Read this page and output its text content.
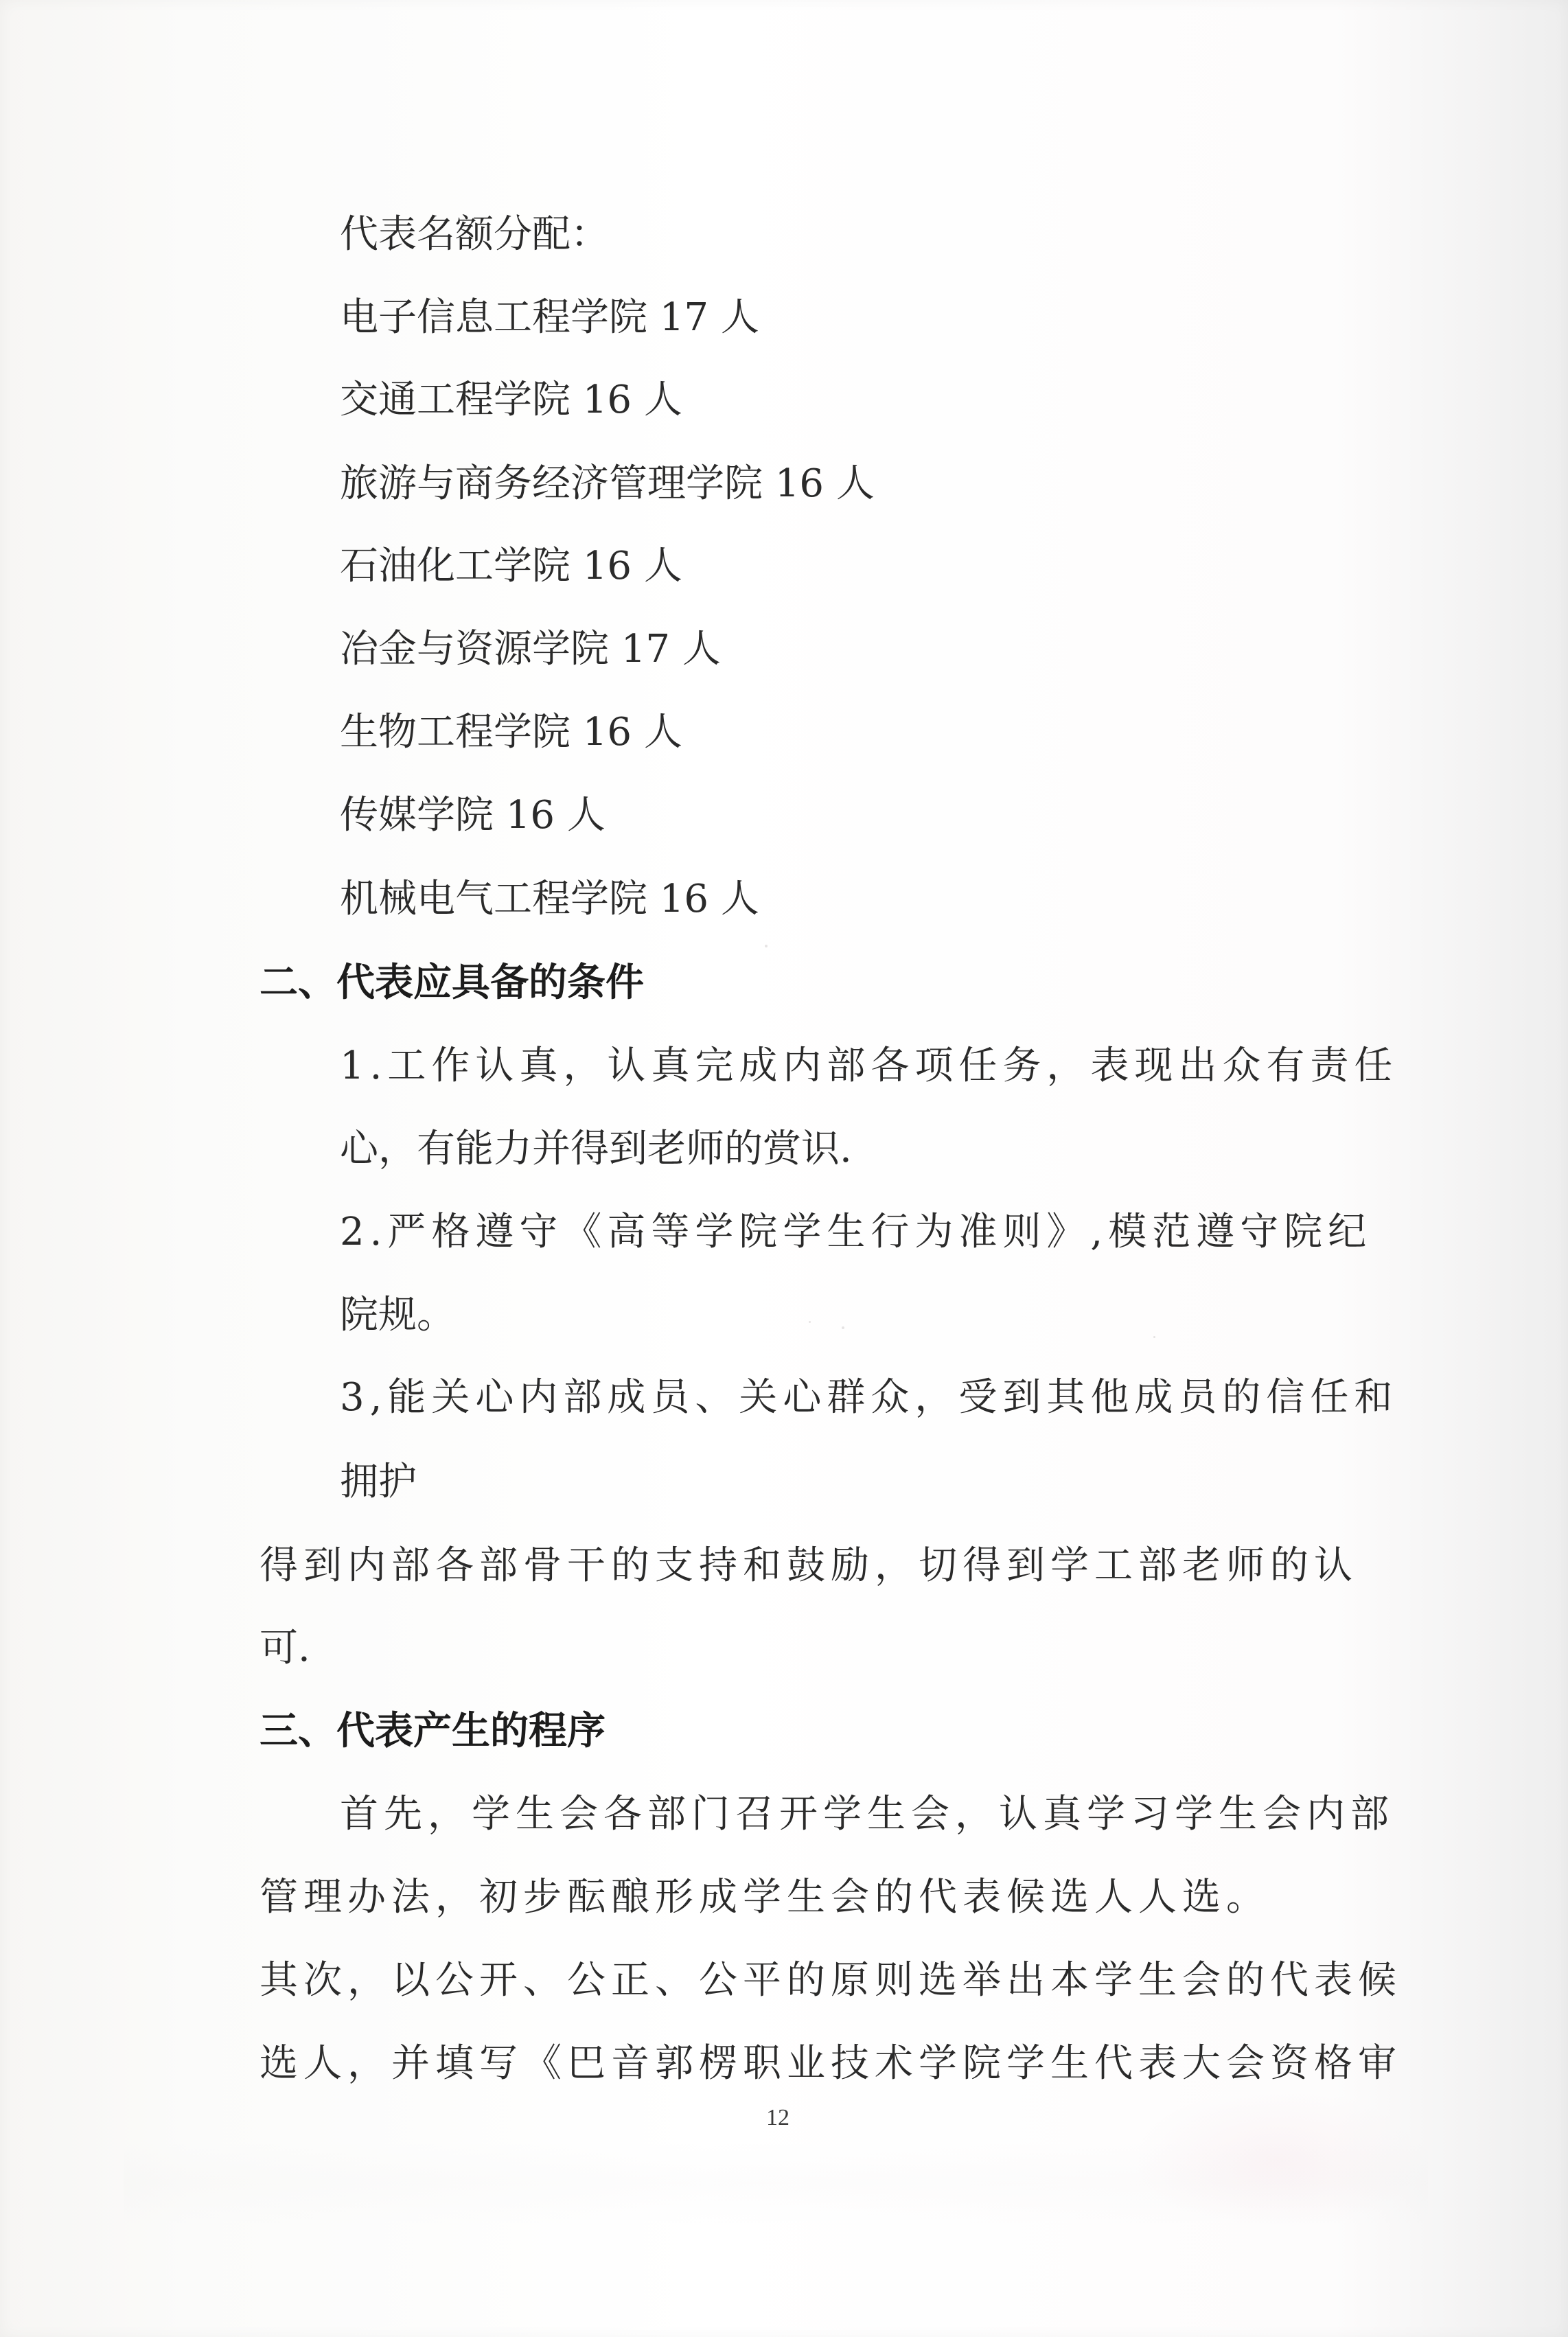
代表名额分配：
电子信息工程学院 17 人
交通工程学院 16 人
旅游与商务经济管理学院 16 人
石油化工学院 16 人
冶金与资源学院 17 人
生物工程学院 16 人
传媒学院 16 人
机械电气工程学院 16 人
二、代表应具备的条件
1.工作认真，认真完成内部各项任务，表现出众有责任
心，有能力并得到老师的赏识.
2.严格遵守《高等学院学生行为准则》,模范遵守院纪
院规。
3,能关心内部成员、关心群众，受到其他成员的信任和
拥护
得到内部各部骨干的支持和鼓励，切得到学工部老师的认
可.
三、代表产生的程序
首先，学生会各部门召开学生会，认真学习学生会内部
管理办法，初步酝酿形成学生会的代表候选人人选。
其次，以公开、公正、公平的原则选举出本学生会的代表候
选人，并填写《巴音郭楞职业技术学院学生代表大会资格审
12
